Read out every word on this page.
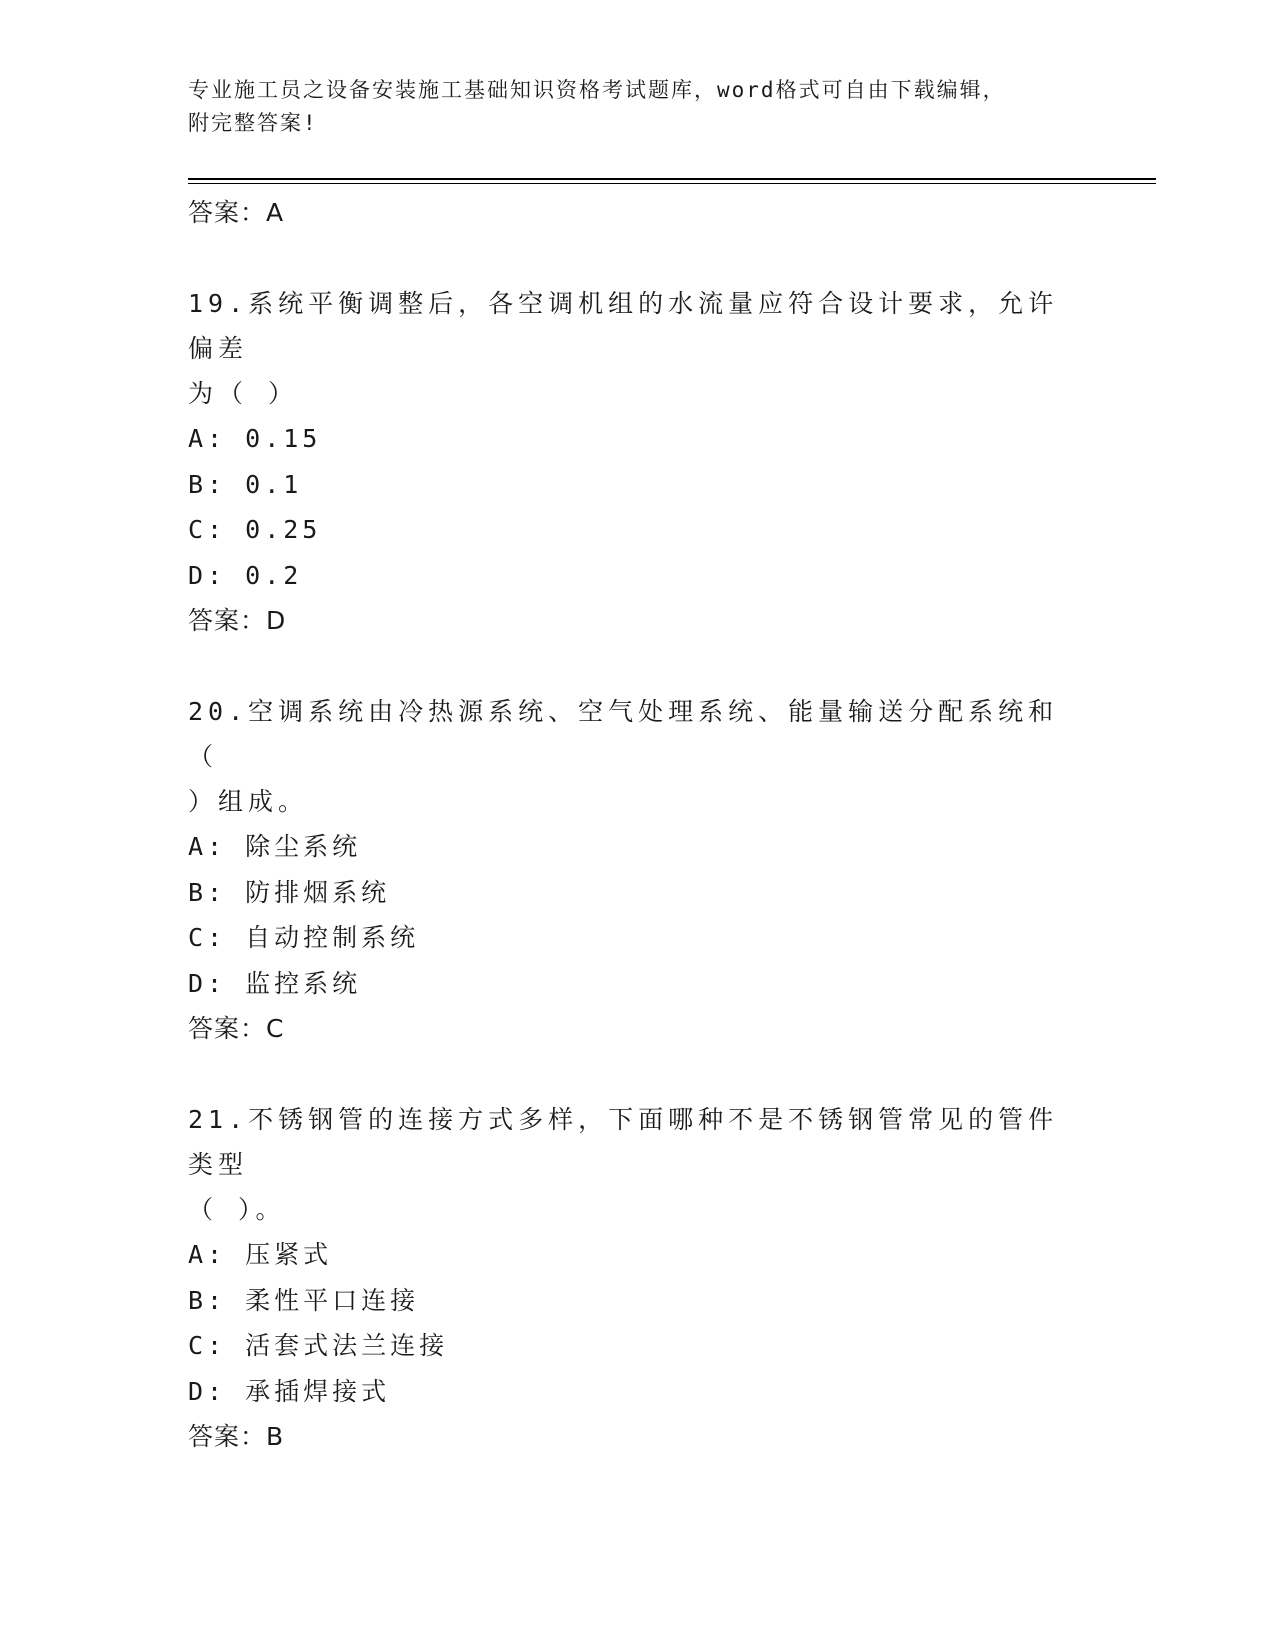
专业施工员之设备安装施工基础知识资格考试题库，word格式可自由下载编辑，
附完整答案!

答案：A

19.系统平衡调整后，各空调机组的水流量应符合设计要求，允许偏差

为（ ）

A: 0.15

B: 0.1

C: 0.25

D: 0.2

答案：D

20.空调系统由冷热源系统、空气处理系统、能量输送分配系统和（

）组成。

A: 除尘系统

B: 防排烟系统

C: 自动控制系统

D: 监控系统

答案：C

21.不锈钢管的连接方式多样，下面哪种不是不锈钢管常见的管件类型

（ ）。

A: 压紧式

B: 柔性平口连接

C: 活套式法兰连接

D: 承插焊接式

答案：B
